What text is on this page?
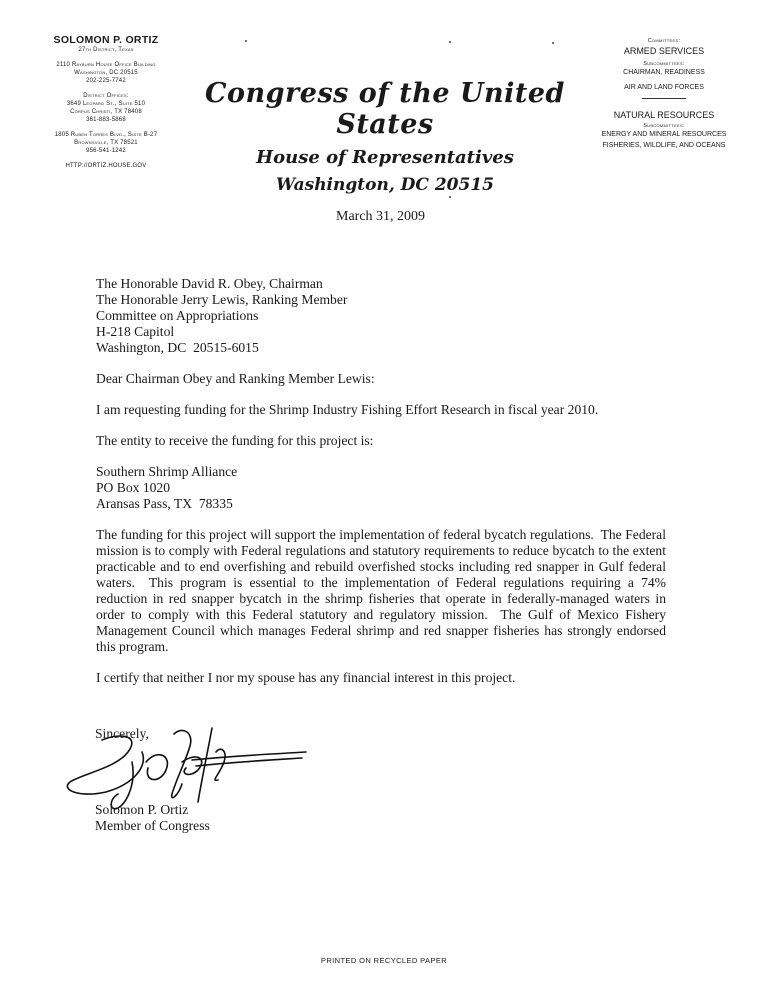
SOLOMON P. ORTIZ
27th District, Texas
2110 Rayburn House Office Building
Washington, DC 20515
202-225-7742
District Offices:
3649 Leopard St., Suite 510
Corpus Christi, TX 78408
361-883-5868
1805 Ruben Torres Blvd., Suite B-27
Brownsville, TX 78521
956-541-1242
HTTP://ORTIZ.HOUSE.GOV
Congress of the United States
House of Representatives
Washington, DC 20515
Committees:
ARMED SERVICES
Subcommittees:
CHAIRMAN, READINESS
AIR AND LAND FORCES
NATURAL RESOURCES
Subcommittees:
ENERGY AND MINERAL RESOURCES
FISHERIES, WILDLIFE, AND OCEANS
March 31, 2009
The Honorable David R. Obey, Chairman
The Honorable Jerry Lewis, Ranking Member
Committee on Appropriations
H-218 Capitol
Washington, DC  20515-6015
Dear Chairman Obey and Ranking Member Lewis:
I am requesting funding for the Shrimp Industry Fishing Effort Research in fiscal year 2010.
The entity to receive the funding for this project is:
Southern Shrimp Alliance
PO Box 1020
Aransas Pass, TX  78335
The funding for this project will support the implementation of federal bycatch regulations.  The Federal mission is to comply with Federal regulations and statutory requirements to reduce bycatch to the extent practicable and to end overfishing and rebuild overfished stocks including red snapper in Gulf federal waters.  This program is essential to the implementation of Federal regulations requiring a 74% reduction in red snapper bycatch in the shrimp fisheries that operate in federally-managed waters in order to comply with this Federal statutory and regulatory mission.  The Gulf of Mexico Fishery Management Council which manages Federal shrimp and red snapper fisheries has strongly endorsed this program.
I certify that neither I nor my spouse has any financial interest in this project.
Sincerely,
Solomon P. Ortiz
Member of Congress
PRINTED ON RECYCLED PAPER
